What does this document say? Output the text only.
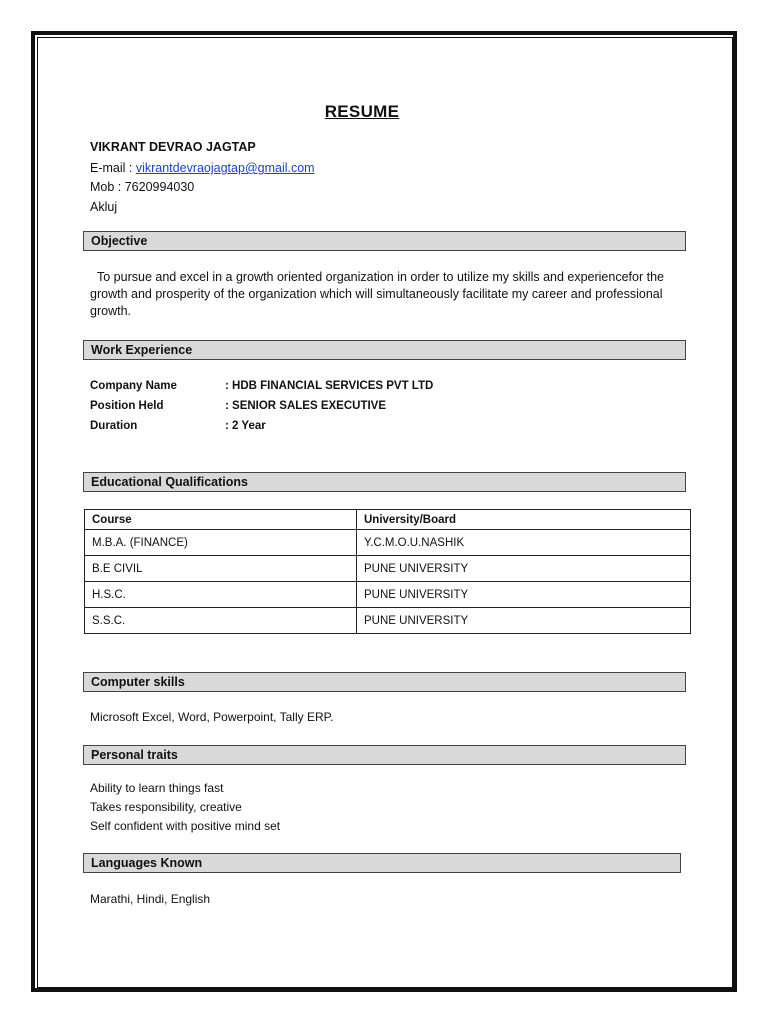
RESUME
VIKRANT DEVRAO JAGTAP
E-mail : vikrantdevraojagtap@gmail.com
Mob : 7620994030
Akluj
Objective
To pursue and excel in a growth oriented organization in order to utilize my skills and experiencefor the growth and prosperity of the organization which will simultaneously facilitate my career and professional growth.
Work Experience
Company Name	: HDB FINANCIAL SERVICES PVT LTD
Position Held	: SENIOR SALES EXECUTIVE
Duration	: 2 Year
Educational Qualifications
Course	University/Board
M.B.A. (FINANCE)	Y.C.M.O.U.NASHIK
B.E CIVIL	PUNE UNIVERSITY
H.S.C.	PUNE UNIVERSITY
S.S.C.	PUNE UNIVERSITY
Computer skills
Microsoft Excel, Word, Powerpoint, Tally ERP.
Personal traits
Ability to learn things fast
Takes responsibility, creative
Self confident with positive mind set
Languages Known
Marathi, Hindi, English
